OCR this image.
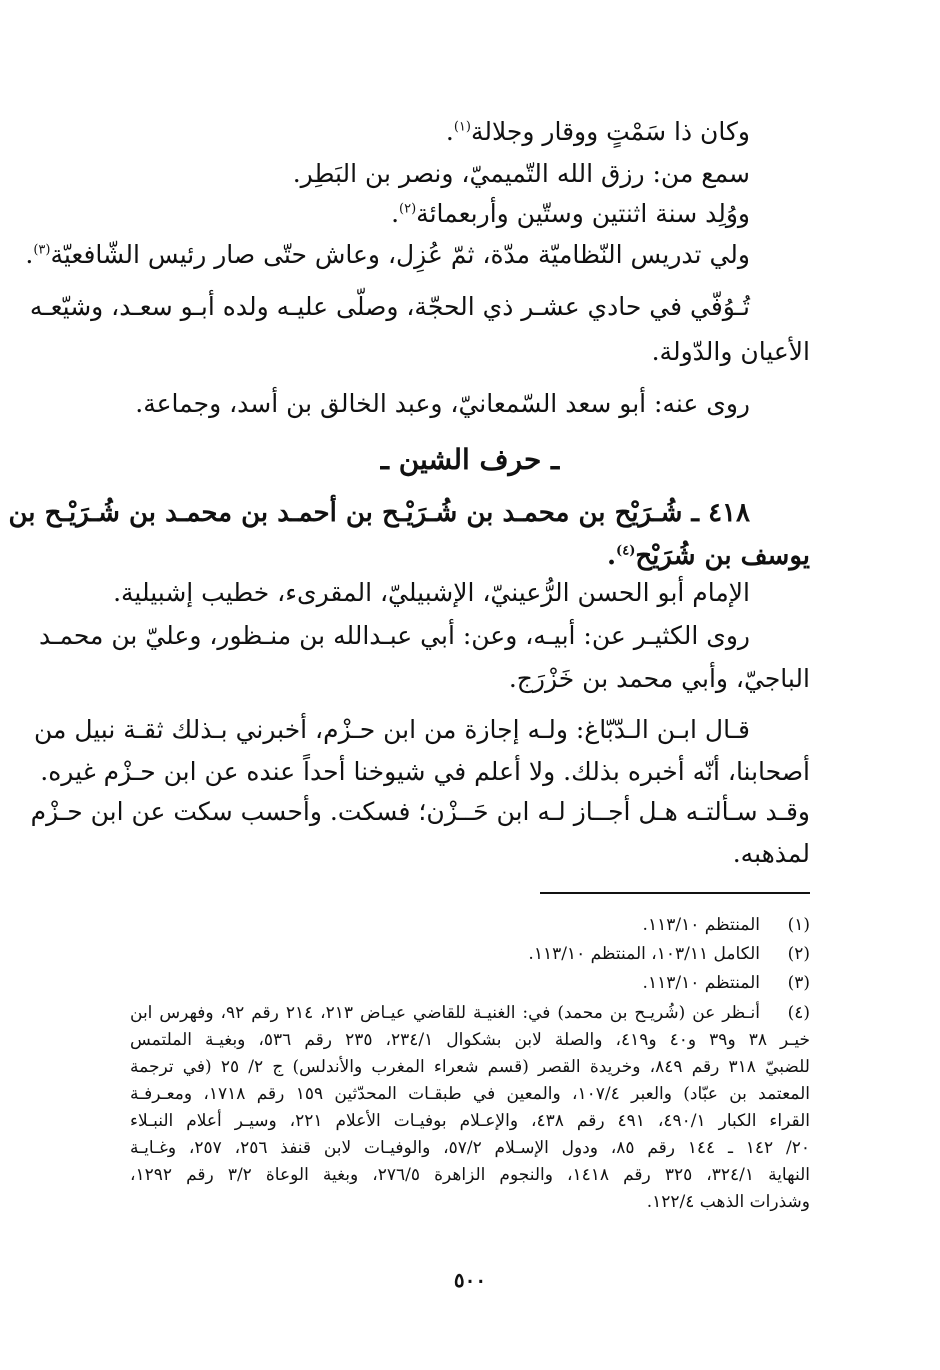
وكان ذا سَمْتٍ ووقار وجلالة$^{(١)}$.
سمع من: رزق الله التّميميّ، ونصر بن البَطِر.
ووُلِد سنة اثنتين وستّين وأربعمائة$^{(٢)}$.
ولي تدريس النّظاميّة مدّة، ثمّ عُزِل، وعاش حتّى صار رئيس الشّافعيّة$^{(٣)}$.
تُـوُفّي في حادي عشـر ذي الحجّة، وصلّى عليـه ولده أبـو سعـد، وشيّعـه
الأعيان والدّولة.
روى عنه: أبو سعد السّمعانيّ، وعبد الخالق بن أسد، وجماعة.
ـ حرف الشين ـ
٤١٨ ـ شُـرَيْح بن محمـد بن شُـرَيْـح بن أحمـد بن محمـد بن شُـرَيْـح بن
يوسف بن شُرَيْح$^{(٤)}$.
الإمام أبو الحسن الرُّعينيّ، الإشبيليّ، المقرىء، خطيب إشبيلية.
روى الكثيـر عن: أبيـه، وعن: أبي عبـدالله بن منـظور، وعليّ بن محمـد
الباجيّ، وأبي محمد بن خَزْرَج.
قـال ابـن الـدّبّاغ: ولـه إجازة من ابن حـزْم، أخبرني بـذلك ثقـة نبيل من
أصحابنا، أنّه أخبره بذلك. ولا أعلم في شيوخنا أحداً عنده عن ابن حـزْم غيره.
وقـد سـألتـه هـل أجــاز لـه ابن حَــزْن؛ فسكت. وأحسب سكت عن ابن حـزْم
لمذهبه.
(١)
المنتظم ١١٣/١٠.
(٢)
الكامل ١٠٣/١١، المنتظم ١١٣/١٠.
(٣)
المنتظم ١١٣/١٠.
(٤)
أنـظر عن (شُريـح بن محمد) في: الغنيـة للقاضي عيـاض ٢١٣، ٢١٤ رقم ٩٢، وفهرس ابن
خيـر ٣٨ و٣٩ و٤٠ و٤١٩، والصلة لابن بشكوال ٢٣٤/١، ٢٣٥ رقم ٥٣٦، وبغيـة الملتمس
للضبيّ ٣١٨ رقم ٨٤٩، وخريدة القصر (قسم شعراء المغرب والأندلس) ج ٢/ ٢٥ (في ترجمة
المعتمد بن عبّاد) والعبر ١٠٧/٤، والمعين في طبقـات المحدّثين ١٥٩ رقم ١٧١٨، ومعـرفـة
القراء الكبار ٤٩٠/١، ٤٩١ رقم ٤٣٨، والإعـلام بوفيـات الأعلام ٢٢١، وسيـر أعلام النبـلاء
٢٠/ ١٤٢ ـ ١٤٤ رقم ٨٥، ودول الإسـلام ٥٧/٢، والوفيـات لابن قنفذ ٢٥٦، ٢٥٧، وغـايـة
النهاية ٣٢٤/١، ٣٢٥ رقم ١٤١٨، والنجوم الزاهرة ٢٧٦/٥، وبغية الوعاة ٣/٢ رقم ١٢٩٢،
وشذرات الذهب ١٢٢/٤.
٥٠٠
